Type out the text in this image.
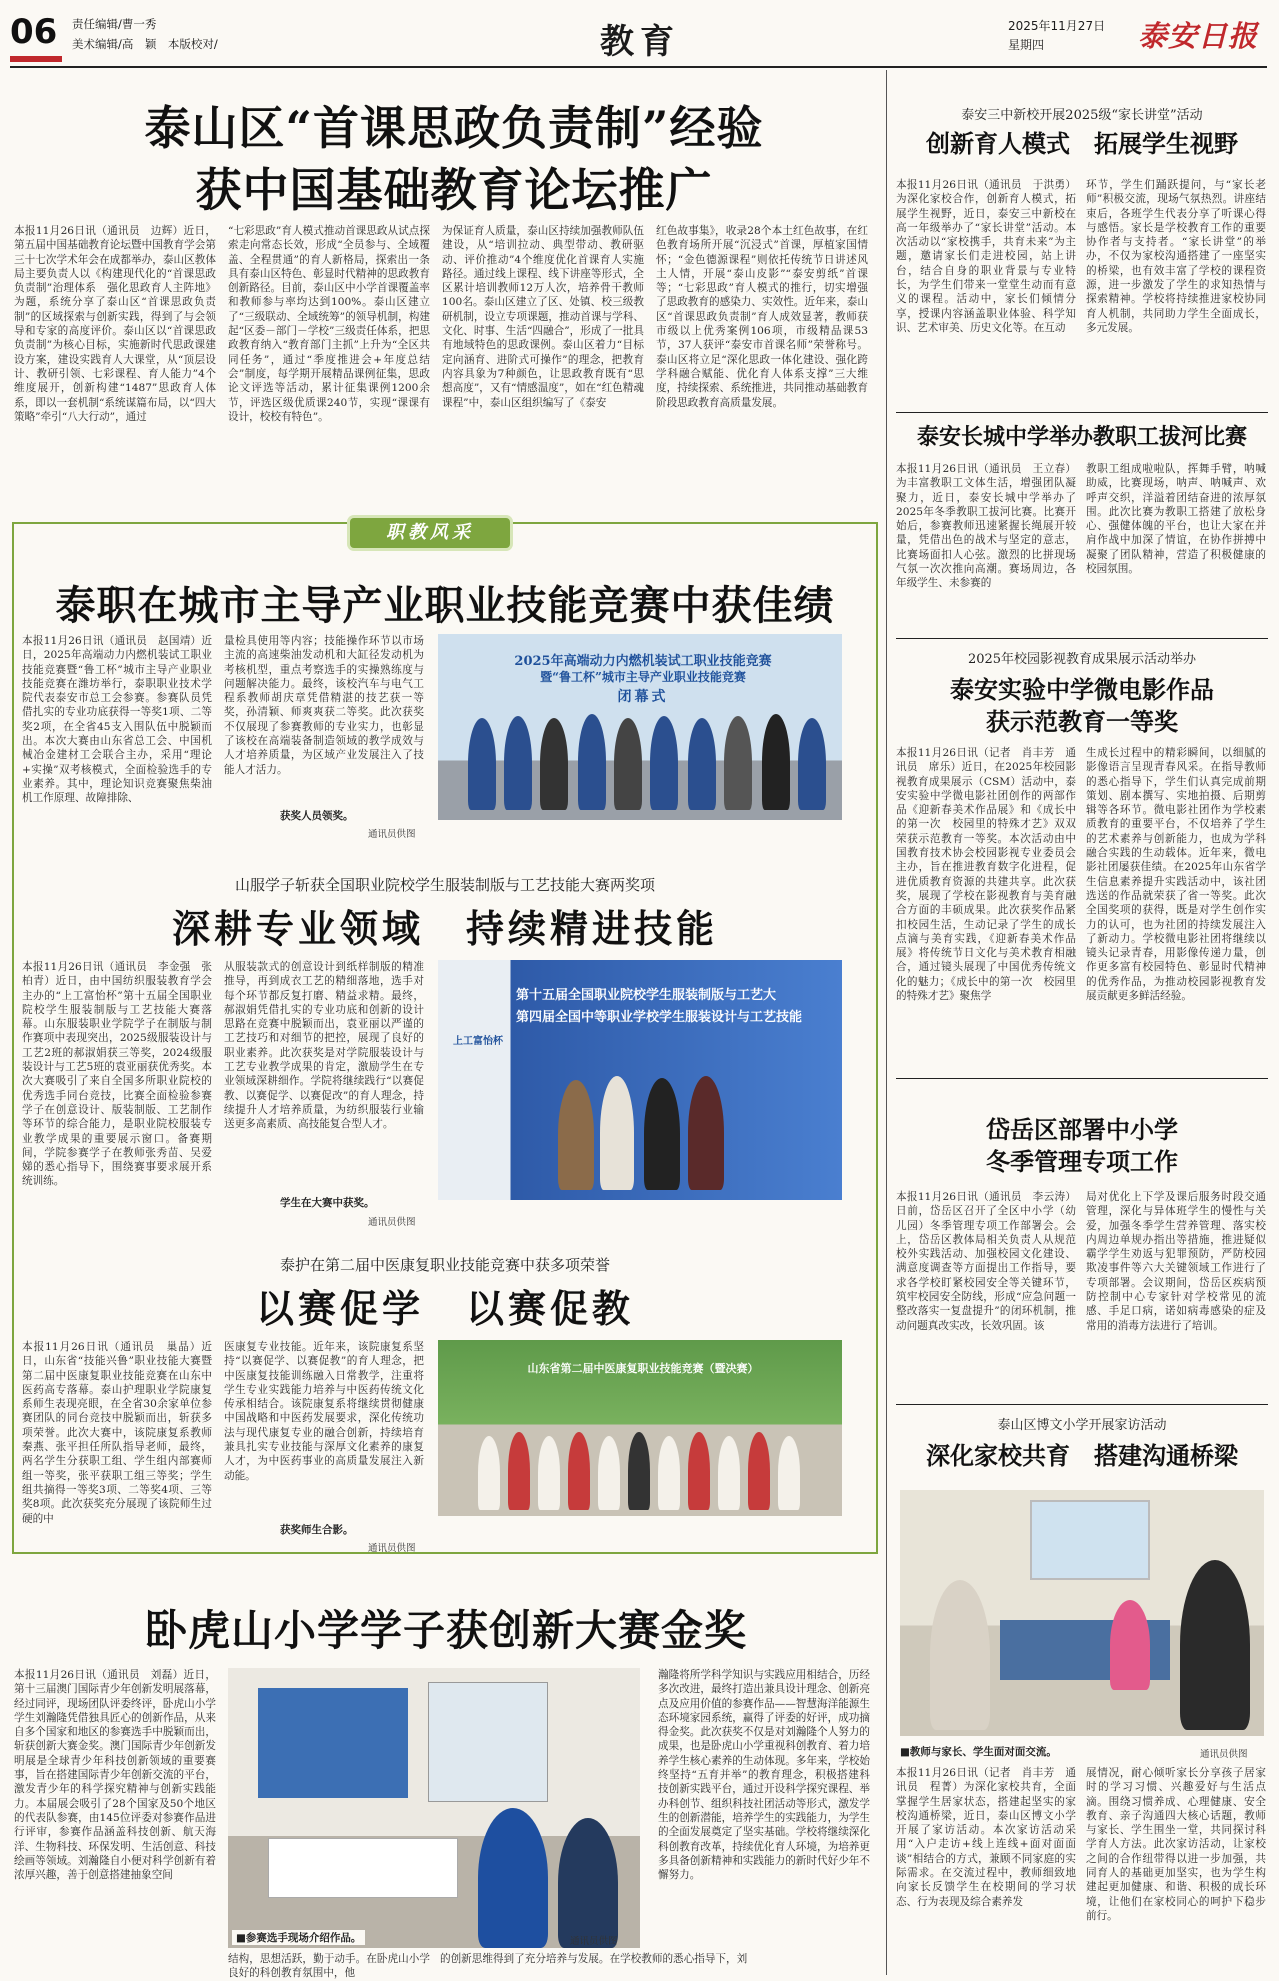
06 责任编辑/曹一秀
美术编辑/高　颖　本版校对/	教育	2025年11月27日
星期四	泰安日报
泰山区“首课思政负责制”经验
获中国基础教育论坛推广

本报11月26日讯（通讯员　边辉）近日，第五届中国基础教育论坛暨中国教育学会第三十七次学术年会在成都举办，泰山区教体局主要负责人以《构建现代化的“首课思政负责制”治理体系　强化思政育人主阵地》为题，系统分享了泰山区“首课思政负责制”的区域探索与创新实践，得到了与会领导和专家的高度评价。泰山区以“首课思政负责制”为核心目标，实施新时代思政课建设方案，建设实践育人大课堂，从“顶层设计、教研引领、七彩课程、育人能力”4个维度展开，创新构建“1487”思政育人体系，即以一套机制“系统谋篇布局，以“四大策略”牵引“八大行动”，通过

“七彩思政”育人模式推动首课思政从试点探索走向常态长效，形成“全员参与、全域覆盖、全程贯通”的育人新格局，探索出一条具有泰山区特色、彰显时代精神的思政教育创新路径。目前，泰山区中小学首课覆盖率和教师参与率均达到100%。泰山区建立了“三级联动、全域统筹”的领导机制，构建起“区委－部门－学校”三级责任体系，把思政教育纳入“教育部门主抓”上升为“全区共同任务”，通过“季度推进会+年度总结会”制度，每学期开展精品课例征集，思政论文评选等活动，累计征集课例1200余节，评选区级优质课240节，实现“课课有设计，校校有特色”。

为保证育人质量，泰山区持续加强教师队伍建设，从“培训拉动、典型带动、教研驱动、评价推动”4个维度优化首课育人实施路径。通过线上课程、线下讲座等形式，全区累计培训教师12万人次，培养骨干教师100名。泰山区建立了区、处镇、校三级教研机制，设立专项课题，推动首课与学科、文化、时事、生活“四融合”，形成了一批具有地域特色的思政课例。泰山区着力“目标定向涵育、进阶式可操作”的理念，把教育内容具象为7种颜色，让思政教育既有“思想高度”，又有“情感温度”，如在“红色精魂课程”中，泰山区组织编写了《泰安

红色故事集》，收录28个本土红色故事，在红色教育场所开展“沉浸式”首课，厚植家国情怀；“金色德源课程”则依托传统节日讲述风土人情，开展“泰山皮影”“泰安剪纸”首课等；“七彩思政”育人模式的推行，切实增强了思政教育的感染力、实效性。近年来，泰山区“首课思政负责制”育人成效显著，教师获市级以上优秀案例106项，市级精品课53节，37人获评“泰安市首课名师”荣誉称号。泰山区将立足“深化思政一体化建设、强化跨学科融合赋能、优化育人体系支撑”三大维度，持续探索、系统推进，共同推动基础教育阶段思政教育高质量发展。

职教风采
泰职在城市主导产业职业技能竞赛中获佳绩

本报11月26日讯（通讯员　赵国靖）近日，2025年高端动力内燃机装试工职业技能竞赛暨“鲁工杯”城市主导产业职业技能竞赛在潍坊举行，泰职职业技术学院代表泰安市总工会参赛。参赛队员凭借扎实的专业功底获得一等奖1项、二等奖2项，在全省45支入围队伍中脱颖而出。本次大赛由山东省总工会、中国机械冶金建材工会联合主办，采用“理论+实操”双考核模式，全面检验选手的专业素养。其中，理论知识竞赛聚焦柴油机工作原理、故障排除、

量检具使用等内容；技能操作环节以市场主流的高速柴油发动机和大缸径发动机为考核机型，重点考察选手的实操熟练度与问题解决能力。最终，该校汽车与电气工程系教师胡庆章凭借精湛的技艺获一等奖，孙清颖、师爽爽获二等奖。此次获奖不仅展现了参赛教师的专业实力，也彰显了该校在高端装备制造领域的教学成效与人才培养质量，为区域产业发展注入了技能人才活力。

2025年高端动力内燃机装试工职业技能竞赛
暨“鲁工杯”城市主导产业职业技能竞赛
闭幕式
获奖人员领奖。
通讯员供图
山服学子斩获全国职业院校学生服装制版与工艺技能大赛两奖项
深耕专业领域　持续精进技能

本报11月26日讯（通讯员　李金强　张柏青）近日，由中国纺织服装教育学会主办的“上工富怡杯”第十五届全国职业院校学生服装制版与工艺技能大赛落幕。山东服装职业学院学子在制版与制作赛项中表现突出，2025级服装设计与工艺2班的郝淑娟获三等奖，2024级服装设计与工艺5班的袁亚丽获优秀奖。本次大赛吸引了来自全国多所职业院校的优秀选手同台竞技，比赛全面检验参赛学子在创意设计、版装制版、工艺制作等环节的综合能力，是职业院校服装专业教学成果的重要展示窗口。备赛期间，学院参赛学子在教师张秀苗、吴爱娣的悉心指导下，围绕赛事要求展开系统训练。

从服装款式的创意设计到纸样制版的精准推导，再到成衣工艺的精细落地，选手对每个环节都反复打磨、精益求精。最终，郝淑娟凭借扎实的专业功底和创新的设计思路在竞赛中脱颖而出，袁亚丽以严谨的工艺技巧和对细节的把控，展现了良好的职业素养。此次获奖是对学院服装设计与工艺专业教学成果的肯定，激励学生在专业领域深耕细作。学院将继续践行“以赛促教、以赛促学、以赛促改”的育人理念，持续提升人才培养质量，为纺织服装行业输送更多高素质、高技能复合型人才。

上工富怡杯
第十五届全国职业院校学生服装制版与工艺大
第四届全国中等职业学校学生服装设计与工艺技能
学生在大赛中获奖。
通讯员供图
泰护在第二届中医康复职业技能竞赛中获多项荣誉
以赛促学　以赛促教

本报11月26日讯（通讯员　巢晶）近日，山东省“技能兴鲁”职业技能大赛暨第二届中医康复职业技能竞赛在山东中医药高专落幕。泰山护理职业学院康复系师生表现亮眼，在全省30余家单位参赛团队的同台竞技中脱颖而出，斩获多项荣誉。此次大赛中，该院康复系教师秦燕、张平担任所队指导老师，最终，两名学生分获职工组、学生组内部赛师组一等奖，张平获职工组三等奖；学生组共摘得一等奖3项、二等奖4项、三等奖8项。此次获奖充分展现了该院师生过硬的中

医康复专业技能。近年来，该院康复系坚持“以赛促学、以赛促教”的育人理念，把中医康复技能训练融入日常教学，注重将学生专业实践能力培养与中医药传统文化传承相结合。该院康复系将继续贯彻健康中国战略和中医药发展要求，深化传统功法与现代康复专业的融合创新，持续培育兼具扎实专业技能与深厚文化素养的康复人才，为中医药事业的高质量发展注入新动能。

山东省第二届中医康复职业技能竞赛（暨决赛）
获奖师生合影。
通讯员供图
卧虎山小学学子获创新大赛金奖

本报11月26日讯（通讯员　刘磊）近日，第十三届澳门国际青少年创新发明展落幕，经过同评，现场团队评委终评，卧虎山小学学生刘瀚隆凭借独具匠心的创新作品，从来自多个国家和地区的参赛选手中脱颖而出，斩获创新大赛金奖。澳门国际青少年创新发明展是全球青少年科技创新领域的重要赛事，旨在搭建国际青少年创新交流的平台，激发青少年的科学探究精神与创新实践能力。本届展会吸引了28个国家及50个地区的代表队参赛，由145位评委对参赛作品进行评审，参赛作品涵盖科技创新、航天海洋、生物科技、环保发明、生活创意、科技绘画等领域。刘瀚隆自小便对科学创新有着浓厚兴趣，善于创意搭建抽象空间

■参赛选手现场介绍作品。	通讯员供图

结构，思想活跃，勤于动手。在卧虎山小学良好的科创教育氛围中，他

瀚隆将所学科学知识与实践应用相结合，历经多次改进，最终打造出兼具设计理念、创新亮点及应用价值的参赛作品——智慧海洋能源生态环境家园系统，赢得了评委的好评，成功摘得金奖。此次获奖不仅是对刘瀚隆个人努力的成果，也是卧虎山小学重视科创教育、着力培养学生核心素养的生动体现。多年来，学校始终坚持“五育并举”的教育理念，积极搭建科技创新实践平台，通过开设科学探究课程、举办科创节、组织科技社团活动等形式，激发学生的创新潜能，培养学生的实践能力，为学生的全面发展奠定了坚实基础。学校将继续深化科创教育改革，持续优化育人环境，为培养更多具备创新精神和实践能力的新时代好少年不懈努力。

的创新思维得到了充分培养与发展。在学校教师的悉心指导下，刘

泰安三中新校开展2025级“家长讲堂”活动
创新育人模式　拓展学生视野

本报11月26日讯（通讯员　于洪勇）为深化家校合作，创新育人模式，拓展学生视野，近日，泰安三中新校在高一年级举办了“家长讲堂”活动。本次活动以“家校携手，共育未来”为主题，邀请家长们走进校园，站上讲台，结合自身的职业背景与专业特长，为学生们带来一堂堂生动而有意义的课程。活动中，家长们倾情分享，授课内容涵盖职业体验、科学知识、艺术审美、历史文化等。在互动

环节，学生们踊跃提问，与“家长老师”积极交流，现场气氛热烈。讲座结束后，各班学生代表分享了听课心得与感悟。家长是学校教育工作的重要协作者与支持者。“家长讲堂”的举办，不仅为家校沟通搭建了一座坚实的桥梁，也有效丰富了学校的课程资源，进一步激发了学生的求知热情与探索精神。学校将持续推进家校协同育人机制，共同助力学生全面成长，多元发展。

泰安长城中学举办教职工拔河比赛

本报11月26日讯（通讯员　王立春）为丰富教职工文体生活，增强团队凝聚力，近日，泰安长城中学举办了2025年冬季教职工拔河比赛。比赛开始后，参赛教师迅速紧握长绳展开较量，凭借出色的战术与坚定的意志，比赛场面扣人心弦。激烈的比拼现场气氛一次次推向高潮。赛场周边，各年级学生、未参赛的

教职工组成啦啦队，挥舞手臂，呐喊助威，比赛现场，呐声、呐喊声、欢呼声交织，洋溢着团结奋进的浓厚氛围。此次比赛为教职工搭建了放松身心、强健体魄的平台，也让大家在并肩作战中加深了情谊，在协作拼搏中凝聚了团队精神，营造了积极健康的校园氛围。

2025年校园影视教育成果展示活动举办
泰安实验中学微电影作品
获示范教育一等奖

本报11月26日讯（记者　肖丰芳　通讯员　席乐）近日，在2025年校园影视教育成果展示（CSM）活动中，泰安实验中学微电影社团创作的两部作品《迎新春美术作品展》和《成长中的第一次　校园里的特殊才艺》双双荣获示范教育一等奖。本次活动由中国教育技术协会校园影视专业委员会主办，旨在推进教育数字化进程，促进优质教育资源的共建共享。此次获奖，展现了学校在影视教育与美育融合方面的丰硕成果。此次获奖作品紧扣校园生活，生动记录了学生的成长点滴与美育实践，《迎新春美术作品展》将传统节日文化与美术教育相融合，通过镜头展现了中国优秀传统文化的魅力；《成长中的第一次　校园里的特殊才艺》聚焦学

生成长过程中的精彩瞬间，以细腻的影像语言呈现青春风采。在指导教师的悉心指导下，学生们认真完成前期策划、剧本撰写、实地拍摄、后期剪辑等各环节。微电影社团作为学校素质教育的重要平台，不仅培养了学生的艺术素养与创新能力，也成为学科融合实践的生动载体。近年来，微电影社团屡获佳绩。在2025年山东省学生信息素养提升实践活动中，该社团选送的作品就荣获了省一等奖。此次全国奖项的获得，既是对学生创作实力的认可，也为社团的持续发展注入了新动力。学校微电影社团将继续以镜头记录青春，用影像传递力量，创作更多富有校园特色、彰显时代精神的优秀作品，为推动校园影视教育发展贡献更多鲜活经验。

岱岳区部署中小学
冬季管理专项工作

本报11月26日讯（通讯员　李云涛）日前，岱岳区召开了全区中小学（幼儿园）冬季管理专项工作部署会。会上，岱岳区教体局相关负责人从规范校外实践活动、加强校园文化建设、满意度调查等方面提出工作指导，要求各学校盯紧校园安全等关键环节，筑牢校园安全防线，形成“应急问题一整改落实一复盘提升”的闭环机制，推动问题真改实改，长效巩固。该

局对优化上下学及课后服务时段交通管理，深化与异体班学生的慢性与关爱，加强冬季学生营养管理、落实校内周边单规办指出等措施，推进疑似霸学学生劝返与犯罪预防，严防校园欺凌事件等六大关键领域工作进行了专项部署。会议期间，岱岳区疾病预防控制中心专家针对学校常见的流感、手足口病，诺如病毒感染的症及常用的消毒方法进行了培训。

泰山区博文小学开展家访活动
深化家校共育　搭建沟通桥梁
■教师与家长、学生面对面交流。	通讯员供图

本报11月26日讯（记者　肖丰芳　通讯员　程菁）为深化家校共育，全面掌握学生居家状态，搭建起坚实的家校沟通桥梁，近日，泰山区博文小学开展了家访活动。本次家访活动采用“入户走访+线上连线+面对面面谈”相结合的方式，兼顾不同家庭的实际需求。在交流过程中，教师细致地向家长反馈学生在校期间的学习状态、行为表现及综合素养发

展情况，耐心倾听家长分享孩子居家时的学习习惯、兴趣爱好与生活点滴。围绕习惯养成、心理健康、安全教育、亲子沟通四大核心话题，教师与家长、学生围坐一堂，共同探讨科学育人方法。此次家访活动，让家校之间的合作纽带得以进一步加强，共同育人的基础更加坚实，也为学生构建起更加健康、和谐、积极的成长环境，让他们在家校同心的呵护下稳步前行。
